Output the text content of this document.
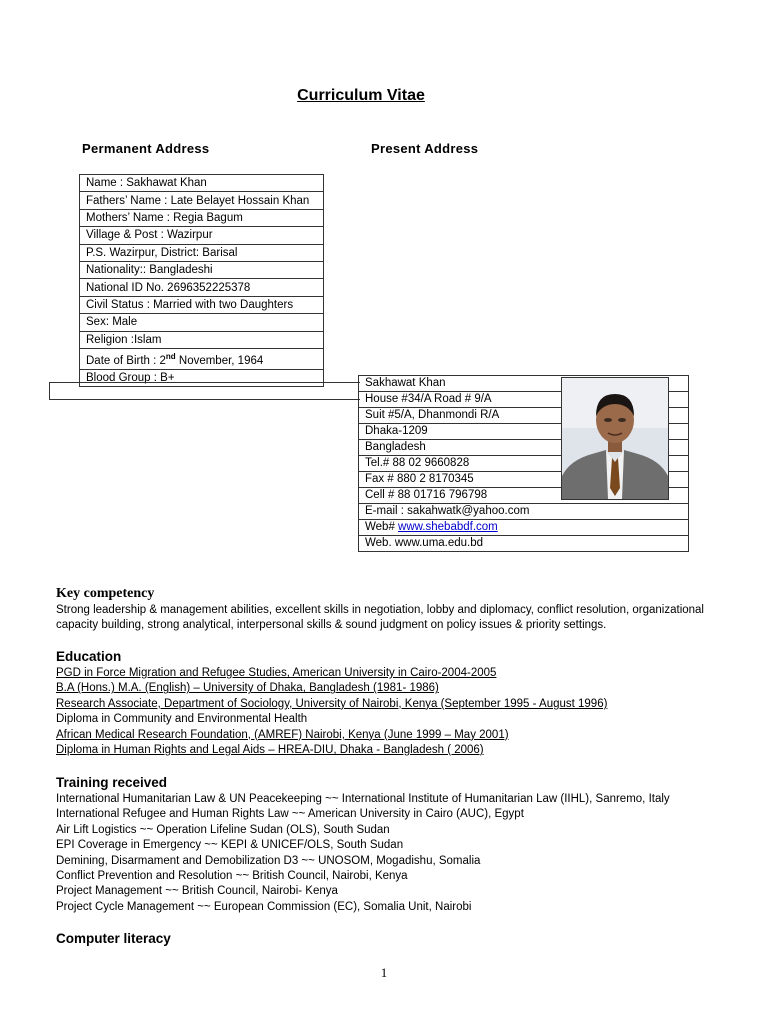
Curriculum Vitae
Permanent Address	Present Address
Name : Sakhawat Khan
Fathers’ Name : Late Belayet Hossain Khan
Mothers’ Name : Regia Bagum
Village & Post : Wazirpur
P.S. Wazirpur, District: Barisal
Nationality:: Bangladeshi
National ID No. 2696352225378
Civil Status : Married with two Daughters
Sex: Male
Religion :Islam
Date of Birth : 2nd November, 1964
Blood Group : B+	Sakhawat Khan
House #34/A Road # 9/A
Suit #5/A, Dhanmondi R/A
Dhaka-1209
Bangladesh
Tel.# 88 02 9660828
Fax # 880 2 8170345
Cell # 88 01716 796798
E-mail : sakahwatk@yahoo.com
Web# www.shebabdf.com
Web. www.uma.edu.bd
Key competency
Strong leadership & management abilities, excellent skills in negotiation, lobby and diplomacy, conflict resolution, organizational
capacity building, strong analytical, interpersonal skills & sound judgment on policy issues & priority settings.
Education
PGD in Force Migration and Refugee Studies, American University in Cairo-2004-2005
B.A (Hons.) M.A. (English) – University of Dhaka, Bangladesh (1981- 1986)
Research Associate, Department of Sociology, University of Nairobi, Kenya (September 1995 - August 1996)
Diploma in Community and Environmental Health
African Medical Research Foundation, (AMREF) Nairobi, Kenya (June 1999 – May 2001)
Diploma in Human Rights and Legal Aids – HREA-DIU, Dhaka - Bangladesh ( 2006)
Training received
International Humanitarian Law & UN Peacekeeping ~~ International Institute of Humanitarian Law (IIHL), Sanremo, Italy
International Refugee and Human Rights Law ~~ American University in Cairo (AUC), Egypt
Air Lift Logistics ~~ Operation Lifeline Sudan (OLS), South Sudan
EPI Coverage in Emergency ~~ KEPI & UNICEF/OLS, South Sudan
Demining, Disarmament and Demobilization D3 ~~ UNOSOM, Mogadishu, Somalia
Conflict Prevention and Resolution ~~ British Council, Nairobi, Kenya
Project Management ~~ British Council, Nairobi- Kenya
Project Cycle Management ~~ European Commission (EC), Somalia Unit, Nairobi
Computer literacy
1
